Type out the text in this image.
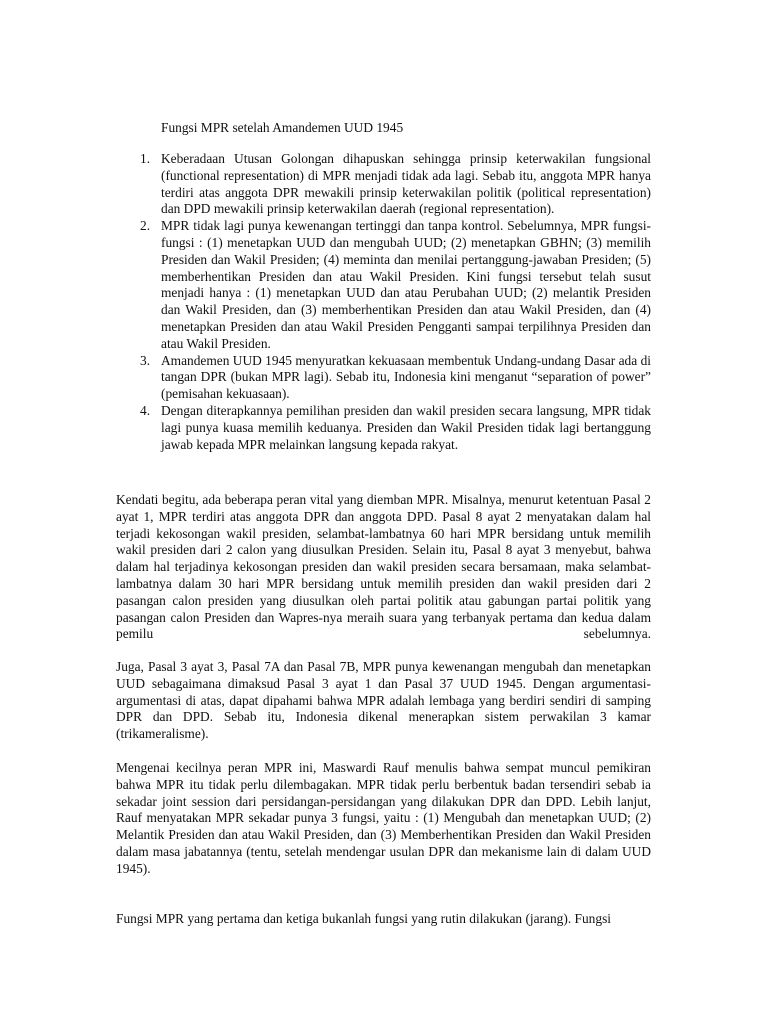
Fungsi MPR setelah Amandemen UUD 1945
1. Keberadaan Utusan Golongan dihapuskan sehingga prinsip keterwakilan fungsional (functional representation) di MPR menjadi tidak ada lagi. Sebab itu, anggota MPR hanya terdiri atas anggota DPR mewakili prinsip keterwakilan politik (political representation) dan DPD mewakili prinsip keterwakilan daerah (regional representation).
2. MPR tidak lagi punya kewenangan tertinggi dan tanpa kontrol. Sebelumnya, MPR fungsi-fungsi : (1) menetapkan UUD dan mengubah UUD; (2) menetapkan GBHN; (3) memilih Presiden dan Wakil Presiden; (4) meminta dan menilai pertanggung-jawaban Presiden; (5) memberhentikan Presiden dan atau Wakil Presiden. Kini fungsi tersebut telah susut menjadi hanya : (1) menetapkan UUD dan atau Perubahan UUD; (2) melantik Presiden dan Wakil Presiden, dan (3) memberhentikan Presiden dan atau Wakil Presiden, dan (4) menetapkan Presiden dan atau Wakil Presiden Pengganti sampai terpilihnya Presiden dan atau Wakil Presiden.
3. Amandemen UUD 1945 menyuratkan kekuasaan membentuk Undang-undang Dasar ada di tangan DPR (bukan MPR lagi). Sebab itu, Indonesia kini menganut “separation of power” (pemisahan kekuasaan).
4. Dengan diterapkannya pemilihan presiden dan wakil presiden secara langsung, MPR tidak lagi punya kuasa memilih keduanya. Presiden dan Wakil Presiden tidak lagi bertanggung jawab kepada MPR melainkan langsung kepada rakyat.

Kendati begitu, ada beberapa peran vital yang diemban MPR. Misalnya, menurut ketentuan Pasal 2 ayat 1, MPR terdiri atas anggota DPR dan anggota DPD. Pasal 8 ayat 2 menyatakan dalam hal terjadi kekosongan wakil presiden, selambat-lambatnya 60 hari MPR bersidang untuk memilih wakil presiden dari 2 calon yang diusulkan Presiden. Selain itu, Pasal 8 ayat 3 menyebut, bahwa dalam hal terjadinya kekosongan presiden dan wakil presiden secara bersamaan, maka selambat-lambatnya dalam 30 hari MPR bersidang untuk memilih presiden dan wakil presiden dari 2 pasangan calon presiden yang diusulkan oleh partai politik atau gabungan partai politik yang pasangan calon Presiden dan Wapres-nya meraih suara yang terbanyak pertama dan kedua dalam pemilu sebelumnya.

Juga, Pasal 3 ayat 3, Pasal 7A dan Pasal 7B, MPR punya kewenangan mengubah dan menetapkan UUD sebagaimana dimaksud Pasal 3 ayat 1 dan Pasal 37 UUD 1945. Dengan argumentasi-argumentasi di atas, dapat dipahami bahwa MPR adalah lembaga yang berdiri sendiri di samping DPR dan DPD. Sebab itu, Indonesia dikenal menerapkan sistem perwakilan 3 kamar (trikameralisme).

Mengenai kecilnya peran MPR ini, Maswardi Rauf menulis bahwa sempat muncul pemikiran bahwa MPR itu tidak perlu dilembagakan. MPR tidak perlu berbentuk badan tersendiri sebab ia sekadar joint session dari persidangan-persidangan yang dilakukan DPR dan DPD. Lebih lanjut, Rauf menyatakan MPR sekadar punya 3 fungsi, yaitu : (1) Mengubah dan menetapkan UUD; (2) Melantik Presiden dan atau Wakil Presiden, dan (3) Memberhentikan Presiden dan Wakil Presiden dalam masa jabatannya (tentu, setelah mendengar usulan DPR dan mekanisme lain di dalam UUD 1945).

Fungsi MPR yang pertama dan ketiga bukanlah fungsi yang rutin dilakukan (jarang). Fungsi
